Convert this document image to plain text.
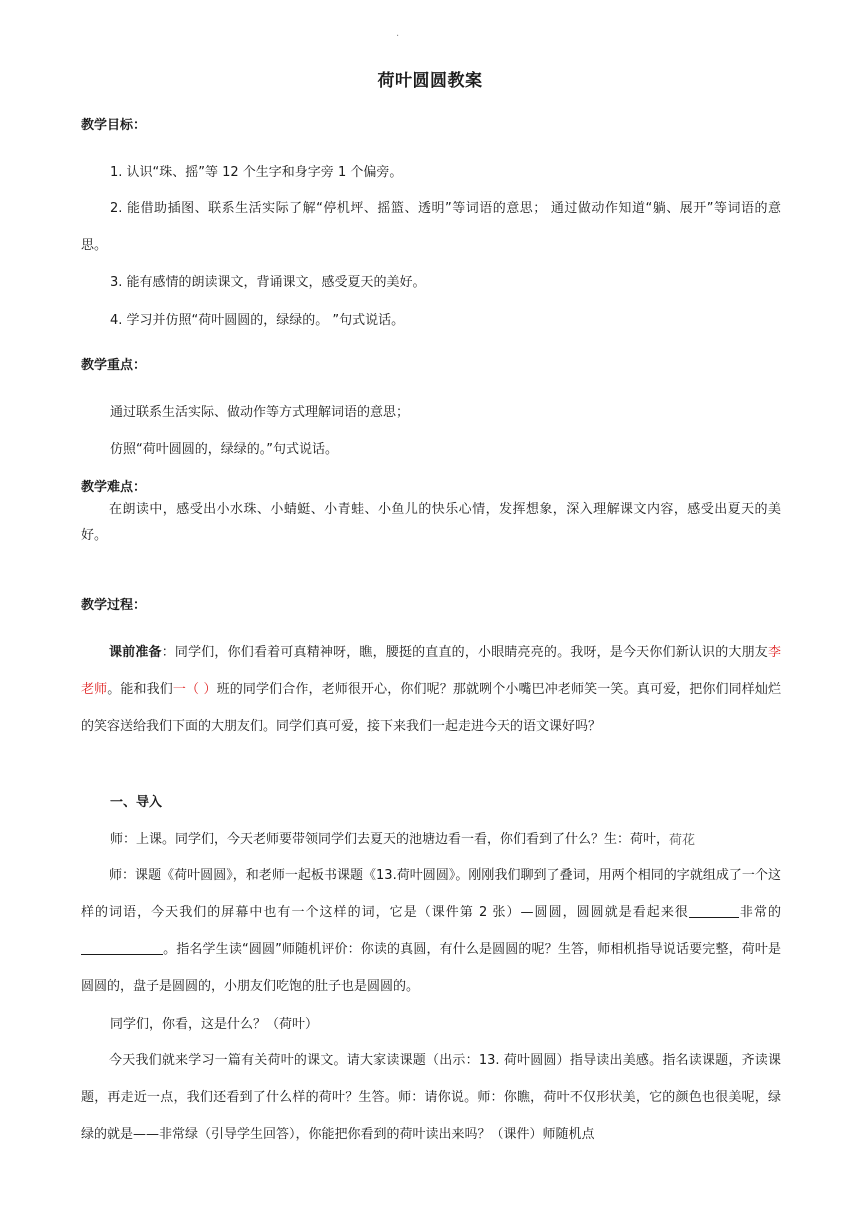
.
荷叶圆圆教案
教学目标：
1. 认识“珠、摇”等 12 个生字和身字旁 1 个偏旁。
2. 能借助插图、联系生活实际了解“停机坪、摇篮、透明”等词语的意思； 通过做动作知道“躺、展开”等词语的意思。
3. 能有感情的朗读课文，背诵课文，感受夏天的美好。
4. 学习并仿照“荷叶圆圆的，绿绿的。 ”句式说话。
教学重点：
通过联系生活实际、做动作等方式理解词语的意思；
仿照“荷叶圆圆的，绿绿的。”句式说话。
教学难点：
在朗读中，感受出小水珠、小蜻蜓、小青蛙、小鱼儿的快乐心情，发挥想象，深入理解课文内容，感受出夏天的美好。
教学过程：
课前准备：同学们，你们看着可真精神呀，瞧，腰挺的直直的，小眼睛亮亮的。我呀，是今天你们新认识的大朋友李老师。能和我们一（ ）班的同学们合作，老师很开心，你们呢？那就咧个小嘴巴冲老师笑一笑。真可爱，把你们同样灿烂的笑容送给我们下面的大朋友们。同学们真可爱，接下来我们一起走进今天的语文课好吗？
一、导入
师：上课。同学们，今天老师要带领同学们去夏天的池塘边看一看，你们看到了什么？生：荷叶，荷花
师：课题《荷叶圆圆》，和老师一起板书课题《13.荷叶圆圆》。刚刚我们聊到了叠词，用两个相同的字就组成了一个这样的词语，今天我们的屏幕中也有一个这样的词，它是（课件第 2 张）—圆圆，圆圆就是看起来很	非常的。指名学生读“圆圆”师随机评价：你读的真圆，有什么是圆圆的呢？生答，师相机指导说话要完整，荷叶是圆圆的，盘子是圆圆的，小朋友们吃饱的肚子也是圆圆的。
同学们，你看，这是什么？（荷叶）
今天我们就来学习一篇有关荷叶的课文。请大家读课题（出示：13. 荷叶圆圆）指导读出美感。指名读课题，齐读课题，再走近一点，我们还看到了什么样的荷叶？生答。师：请你说。师：你瞧，荷叶不仅形状美，它的颜色也很美呢，绿绿的就是——非常绿（引导学生回答），你能把你看到的荷叶读出来吗？（课件）师随机点
